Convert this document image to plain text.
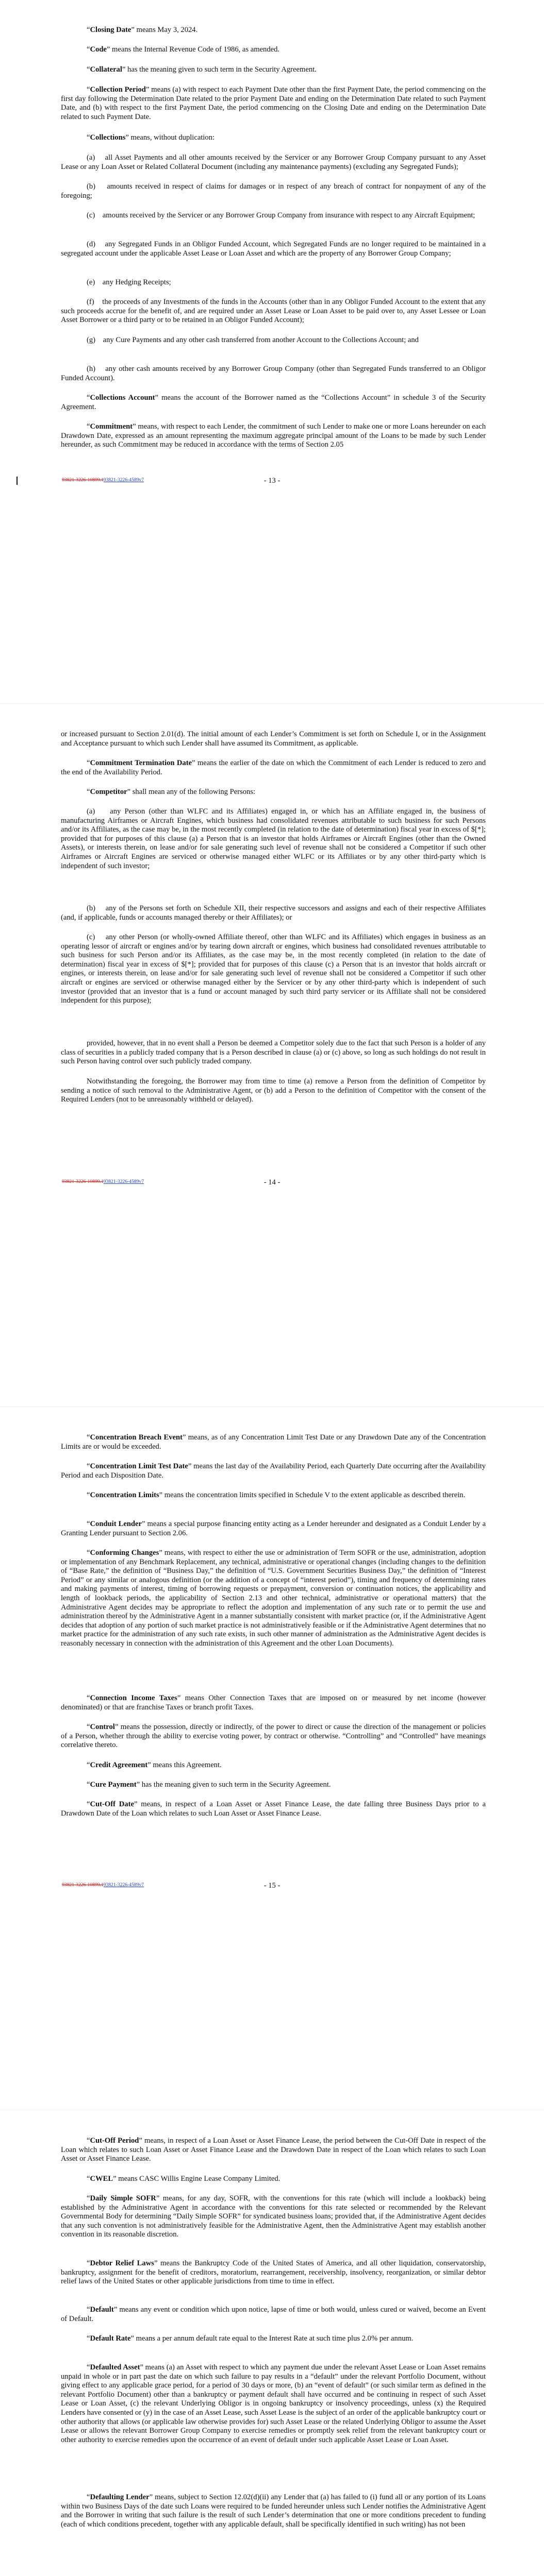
“Closing Date” means May 3, 2024.

“Code” means the Internal Revenue Code of 1986, as amended.

“Collateral” has the meaning given to such term in the Security Agreement.

“Collection Period” means (a) with respect to each Payment Date other than the first Payment Date, the period commencing on the first day following the Determination Date related to the prior Payment Date and ending on the Determination Date related to such Payment Date, and (b) with respect to the first Payment Date, the period commencing on the Closing Date and ending on the Determination Date related to such Payment Date.

“Collections” means, without duplication:

(a)    all Asset Payments and all other amounts received by the Servicer or any Borrower Group Company pursuant to any Asset Lease or any Loan Asset or Related Collateral Document (including any maintenance payments) (excluding any Segregated Funds);

(b)    amounts received in respect of claims for damages or in respect of any breach of contract for nonpayment of any of the foregoing;

(c)    amounts received by the Servicer or any Borrower Group Company from insurance with respect to any Aircraft Equipment;

(d)    any Segregated Funds in an Obligor Funded Account, which Segregated Funds are no longer required to be maintained in a segregated account under the applicable Asset Lease or Loan Asset and which are the property of any Borrower Group Company;

(e)    any Hedging Receipts;

(f)    the proceeds of any Investments of the funds in the Accounts (other than in any Obligor Funded Account to the extent that any such proceeds accrue for the benefit of, and are required under an Asset Lease or Loan Asset to be paid over to, any Asset Lessee or Loan Asset Borrower or a third party or to be retained in an Obligor Funded Account);

(g)    any Cure Payments and any other cash transferred from another Account to the Collections Account; and

(h)    any other cash amounts received by any Borrower Group Company (other than Segregated Funds transferred to an Obligor Funded Account).

“Collections Account” means the account of the Borrower named as the “Collections Account” in schedule 3 of the Security Agreement.

“Commitment” means, with respect to each Lender, the commitment of such Lender to make one or more Loans hereunder on each Drawdown Date, expressed as an amount representing the maximum aggregate principal amount of the Loans to be made by such Lender hereunder, as such Commitment may be reduced in accordance with the terms of Section 2.05

93821-3226-10899.193821-3226-4589v7	- 13 -

or increased pursuant to Section 2.01(d). The initial amount of each Lender’s Commitment is set forth on Schedule I, or in the Assignment and Acceptance pursuant to which such Lender shall have assumed its Commitment, as applicable.

“Commitment Termination Date” means the earlier of the date on which the Commitment of each Lender is reduced to zero and the end of the Availability Period.

“Competitor” shall mean any of the following Persons:

(a)    any Person (other than WLFC and its Affiliates) engaged in, or which has an Affiliate engaged in, the business of manufacturing Airframes or Aircraft Engines, which business had consolidated revenues attributable to such business for such Persons and/or its Affiliates, as the case may be, in the most recently completed (in relation to the date of determination) fiscal year in excess of $[*]; provided that for purposes of this clause (a) a Person that is an investor that holds Airframes or Aircraft Engines (other than the Owned Assets), or interests therein, on lease and/or for sale generating such level of revenue shall not be considered a Competitor if such other Airframes or Aircraft Engines are serviced or otherwise managed either WLFC or its Affiliates or by any other third-party which is independent of such investor;

(b)    any of the Persons set forth on Schedule XII, their respective successors and assigns and each of their respective Affiliates (and, if applicable, funds or accounts managed thereby or their Affiliates); or

(c)    any other Person (or wholly-owned Affiliate thereof, other than WLFC and its Affiliates) which engages in business as an operating lessor of aircraft or engines and/or by tearing down aircraft or engines, which business had consolidated revenues attributable to such business for such Person and/or its Affiliates, as the case may be, in the most recently completed (in relation to the date of determination) fiscal year in excess of $[*]; provided that for purposes of this clause (c) a Person that is an investor that holds aircraft or engines, or interests therein, on lease and/or for sale generating such level of revenue shall not be considered a Competitor if such other aircraft or engines are serviced or otherwise managed either by the Servicer or by any other third-party which is independent of such investor (provided that an investor that is a fund or account managed by such third party servicer or its Affiliate shall not be considered independent for this purpose);

provided, however, that in no event shall a Person be deemed a Competitor solely due to the fact that such Person is a holder of any class of securities in a publicly traded company that is a Person described in clause (a) or (c) above, so long as such holdings do not result in such Person having control over such publicly traded company.

Notwithstanding the foregoing, the Borrower may from time to time (a) remove a Person from the definition of Competitor by sending a notice of such removal to the Administrative Agent, or (b) add a Person to the definition of Competitor with the consent of the Required Lenders (not to be unreasonably withheld or delayed).

93821-3226-10899.193821-3226-4589v7	- 14 -

“Concentration Breach Event” means, as of any Concentration Limit Test Date or any Drawdown Date any of the Concentration Limits are or would be exceeded.

“Concentration Limit Test Date” means the last day of the Availability Period, each Quarterly Date occurring after the Availability Period and each Disposition Date.

“Concentration Limits” means the concentration limits specified in Schedule V to the extent applicable as described therein.

“Conduit Lender” means a special purpose financing entity acting as a Lender hereunder and designated as a Conduit Lender by a Granting Lender pursuant to Section 2.06.

“Conforming Changes” means, with respect to either the use or administration of Term SOFR or the use, administration, adoption or implementation of any Benchmark Replacement, any technical, administrative or operational changes (including changes to the definition of “Base Rate,” the definition of “Business Day,” the definition of “U.S. Government Securities Business Day,” the definition of “Interest Period” or any similar or analogous definition (or the addition of a concept of “interest period”), timing and frequency of determining rates and making payments of interest, timing of borrowing requests or prepayment, conversion or continuation notices, the applicability and length of lookback periods, the applicability of Section 2.13 and other technical, administrative or operational matters) that the Administrative Agent decides may be appropriate to reflect the adoption and implementation of any such rate or to permit the use and administration thereof by the Administrative Agent in a manner substantially consistent with market practice (or, if the Administrative Agent decides that adoption of any portion of such market practice is not administratively feasible or if the Administrative Agent determines that no market practice for the administration of any such rate exists, in such other manner of administration as the Administrative Agent decides is reasonably necessary in connection with the administration of this Agreement and the other Loan Documents).

“Connection Income Taxes” means Other Connection Taxes that are imposed on or measured by net income (however denominated) or that are franchise Taxes or branch profit Taxes.

“Control” means the possession, directly or indirectly, of the power to direct or cause the direction of the management or policies of a Person, whether through the ability to exercise voting power, by contract or otherwise. “Controlling” and “Controlled” have meanings correlative thereto.

“Credit Agreement” means this Agreement.

“Cure Payment” has the meaning given to such term in the Security Agreement.

“Cut-Off Date” means, in respect of a Loan Asset or Asset Finance Lease, the date falling three Business Days prior to a Drawdown Date of the Loan which relates to such Loan Asset or Asset Finance Lease.

93821-3226-10899.193821-3226-4589v7	- 15 -

“Cut-Off Period” means, in respect of a Loan Asset or Asset Finance Lease, the period between the Cut-Off Date in respect of the Loan which relates to such Loan Asset or Asset Finance Lease and the Drawdown Date in respect of the Loan which relates to such Loan Asset or Asset Finance Lease.

“CWEL” means CASC Willis Engine Lease Company Limited.

“Daily Simple SOFR” means, for any day, SOFR, with the conventions for this rate (which will include a lookback) being established by the Administrative Agent in accordance with the conventions for this rate selected or recommended by the Relevant Governmental Body for determining “Daily Simple SOFR” for syndicated business loans; provided that, if the Administrative Agent decides that any such convention is not administratively feasible for the Administrative Agent, then the Administrative Agent may establish another convention in its reasonable discretion.

“Debtor Relief Laws” means the Bankruptcy Code of the United States of America, and all other liquidation, conservatorship, bankruptcy, assignment for the benefit of creditors, moratorium, rearrangement, receivership, insolvency, reorganization, or similar debtor relief laws of the United States or other applicable jurisdictions from time to time in effect.

“Default” means any event or condition which upon notice, lapse of time or both would, unless cured or waived, become an Event of Default.

“Default Rate” means a per annum default rate equal to the Interest Rate at such time plus 2.0% per annum.

“Defaulted Asset” means (a) an Asset with respect to which any payment due under the relevant Asset Lease or Loan Asset remains unpaid in whole or in part past the date on which such failure to pay results in a “default” under the relevant Portfolio Document, without giving effect to any applicable grace period, for a period of 30 days or more, (b) an “event of default” (or such similar term as defined in the relevant Portfolio Document) other than a bankruptcy or payment default shall have occurred and be continuing in respect of such Asset Lease or Loan Asset, (c) the relevant Underlying Obligor is in ongoing bankruptcy or insolvency proceedings, unless (x) the Required Lenders have consented or (y) in the case of an Asset Lease, such Asset Lease is the subject of an order of the applicable bankruptcy court or other authority that allows (or applicable law otherwise provides for) such Asset Lease or the related Underlying Obligor to assume the Asset Lease or allows the relevant Borrower Group Company to exercise remedies or promptly seek relief from the relevant bankruptcy court or other authority to exercise remedies upon the occurrence of an event of default under such applicable Asset Lease or Loan Asset.

“Defaulting Lender” means, subject to Section 12.02(d)(ii) any Lender that (a) has failed to (i) fund all or any portion of its Loans within two Business Days of the date such Loans were required to be funded hereunder unless such Lender notifies the Administrative Agent and the Borrower in writing that such failure is the result of such Lender’s determination that one or more conditions precedent to funding (each of which conditions precedent, together with any applicable default, shall be specifically identified in such writing) has not been
